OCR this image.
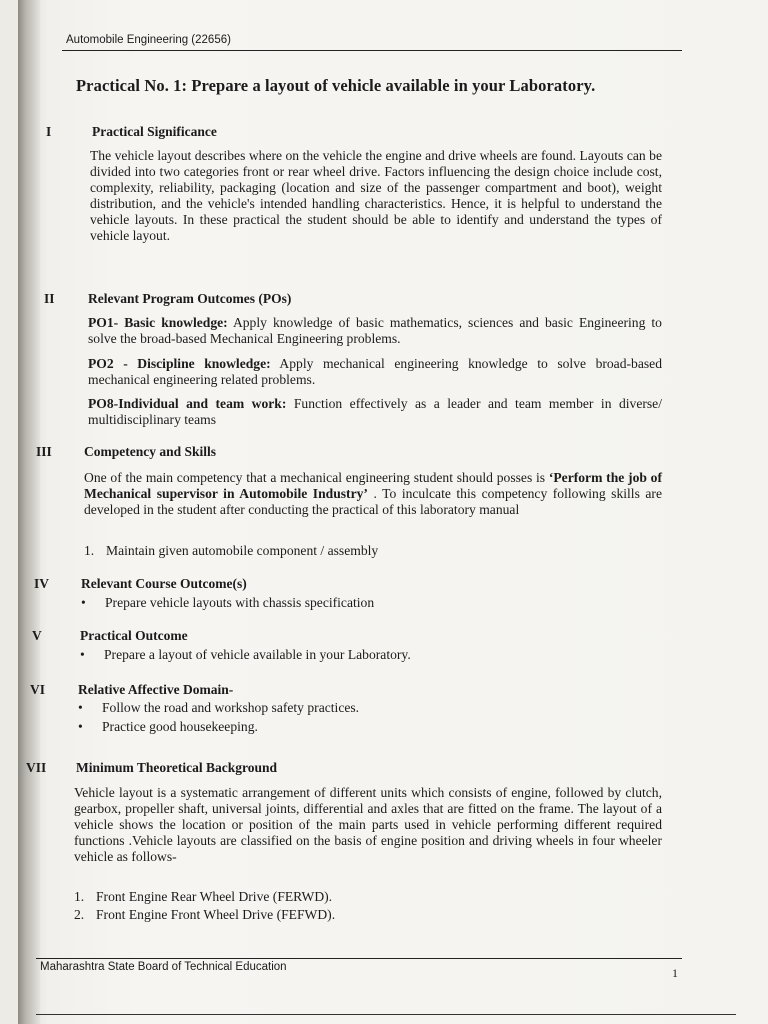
Automobile Engineering (22656)
Practical No. 1: Prepare a layout of vehicle available in your Laboratory.
I	Practical Significance
The vehicle layout describes where on the vehicle the engine and drive wheels are found. Layouts can be divided into two categories front or rear wheel drive. Factors influencing the design choice include cost, complexity, reliability, packaging (location and size of the passenger compartment and boot), weight distribution, and the vehicle's intended handling characteristics. Hence, it is helpful to understand the vehicle layouts. In these practical the student should be able to identify and understand the types of vehicle layout.
II Relevant Program Outcomes (POs)
PO1- Basic knowledge: Apply knowledge of basic mathematics, sciences and basic Engineering to solve the broad-based Mechanical Engineering problems.
PO2 - Discipline knowledge: Apply mechanical engineering knowledge to solve broad-based mechanical engineering related problems.
PO8-Individual and team work: Function effectively as a leader and team member in diverse/ multidisciplinary teams
III Competency and Skills
One of the main competency that a mechanical engineering student should posses is ‘Perform the job of Mechanical supervisor in Automobile Industry’ . To inculcate this competency following skills are developed in the student after conducting the practical of this laboratory manual
1. Maintain given automobile component / assembly
IV Relevant Course Outcome(s)
• Prepare vehicle layouts with chassis specification
V	Practical Outcome
• Prepare a layout of vehicle available in your Laboratory.
VI Relative Affective Domain-
• Follow the road and workshop safety practices.
• Practice good housekeeping.
VII Minimum Theoretical Background
Vehicle layout is a systematic arrangement of different units which consists of engine, followed by clutch, gearbox, propeller shaft, universal joints, differential and axles that are fitted on the frame. The layout of a vehicle shows the location or position of the main parts used in vehicle performing different required functions .Vehicle layouts are classified on the basis of engine position and driving wheels in four wheeler vehicle as follows-
1. Front Engine Rear Wheel Drive (FERWD).
2. Front Engine Front Wheel Drive (FEFWD).
Maharashtra State Board of Technical Education	1
